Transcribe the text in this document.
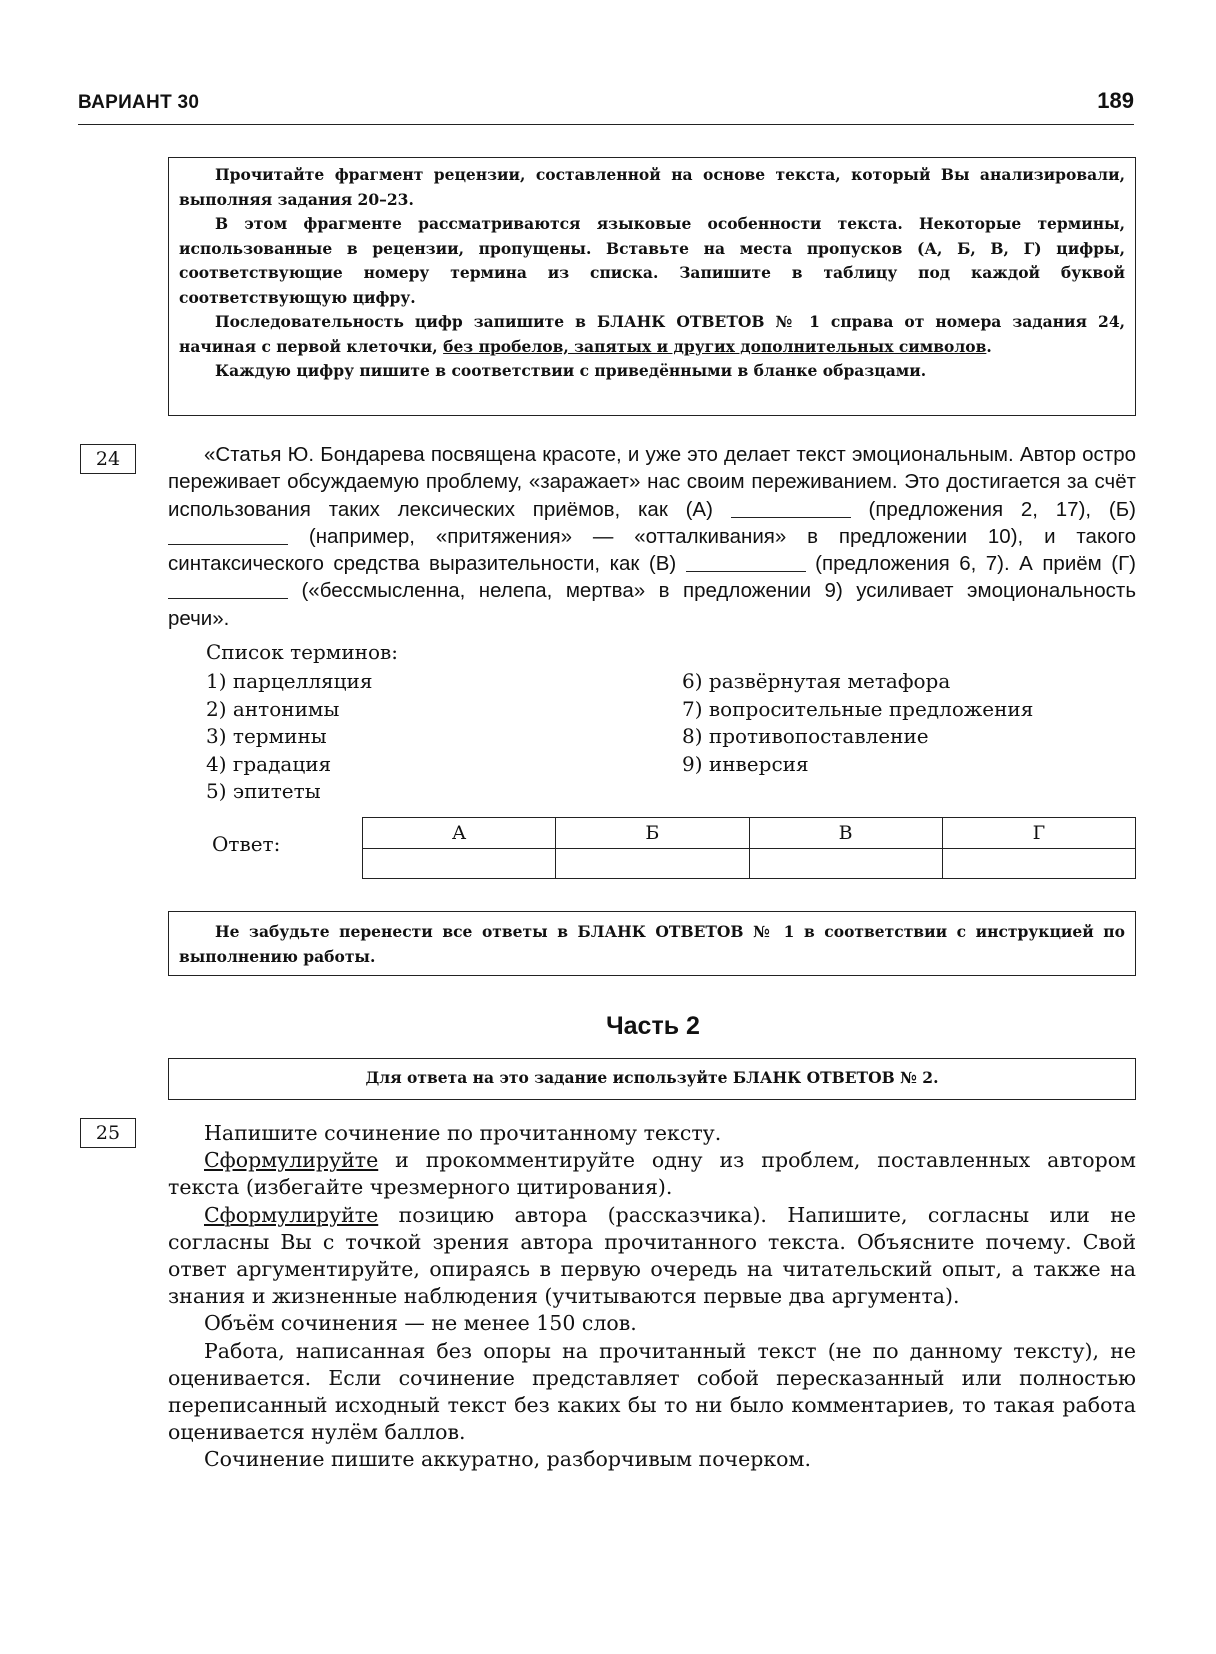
ВАРИАНТ 30	189

Прочитайте фрагмент рецензии, составленной на основе текста, который Вы анализировали, выполняя задания 20–23.

В этом фрагменте рассматриваются языковые особенности текста. Некоторые термины, использованные в рецензии, пропущены. Вставьте на места пропусков (А, Б, В, Г) цифры, соответствующие номеру термина из списка. Запишите в таблицу под каждой буквой соответствующую цифру.

Последовательность цифр запишите в БЛАНК ОТВЕТОВ № 1 справа от номера задания 24, начиная с первой клеточки, без пробелов, запятых и других дополнительных символов.

Каждую цифру пишите в соответствии с приведёнными в бланке образцами.

24	«Статья Ю. Бондарева посвящена красоте, и уже это делает текст эмоциональным. Автор остро переживает обсуждаемую проблему, «заражает» нас своим переживанием. Это достигается за счёт использования таких лексических приёмов, как (А)	(предложения 2, 17), (Б)  (например, «притяжения» — «отталкивания» в предложении 10), и такого синтаксического средства выразительности, как (В)	(предложения 6, 7). А приём (Г)  («бессмысленна, нелепа, мертва» в предложении 9) усиливает эмоциональность речи».

Список терминов:
1) парцелляция
2) антонимы
3) термины
4) градация
5) эпитеты
6) развёрнутая метафора
7) вопросительные предложения
8) противопоставление
9) инверсия
Ответ:	А	Б	В	Г

Не забудьте перенести все ответы в БЛАНК ОТВЕТОВ № 1 в соответствии с инструкцией по выполнению работы.

Часть 2

Для ответа на это задание используйте БЛАНК ОТВЕТОВ № 2.

25	Напишите сочинение по прочитанному тексту.

Сформулируйте и прокомментируйте одну из проблем, поставленных автором текста (избегайте чрезмерного цитирования).

Сформулируйте позицию автора (рассказчика). Напишите, согласны или не согласны Вы с точкой зрения автора прочитанного текста. Объясните почему. Свой ответ аргументируйте, опираясь в первую очередь на читательский опыт, а также на знания и жизненные наблюдения (учитываются первые два аргумента).

Объём сочинения — не менее 150 слов.

Работа, написанная без опоры на прочитанный текст (не по данному тексту), не оценивается. Если сочинение представляет собой пересказанный или полностью переписанный исходный текст без каких бы то ни было комментариев, то такая работа оценивается нулём баллов.

Сочинение пишите аккуратно, разборчивым почерком.
